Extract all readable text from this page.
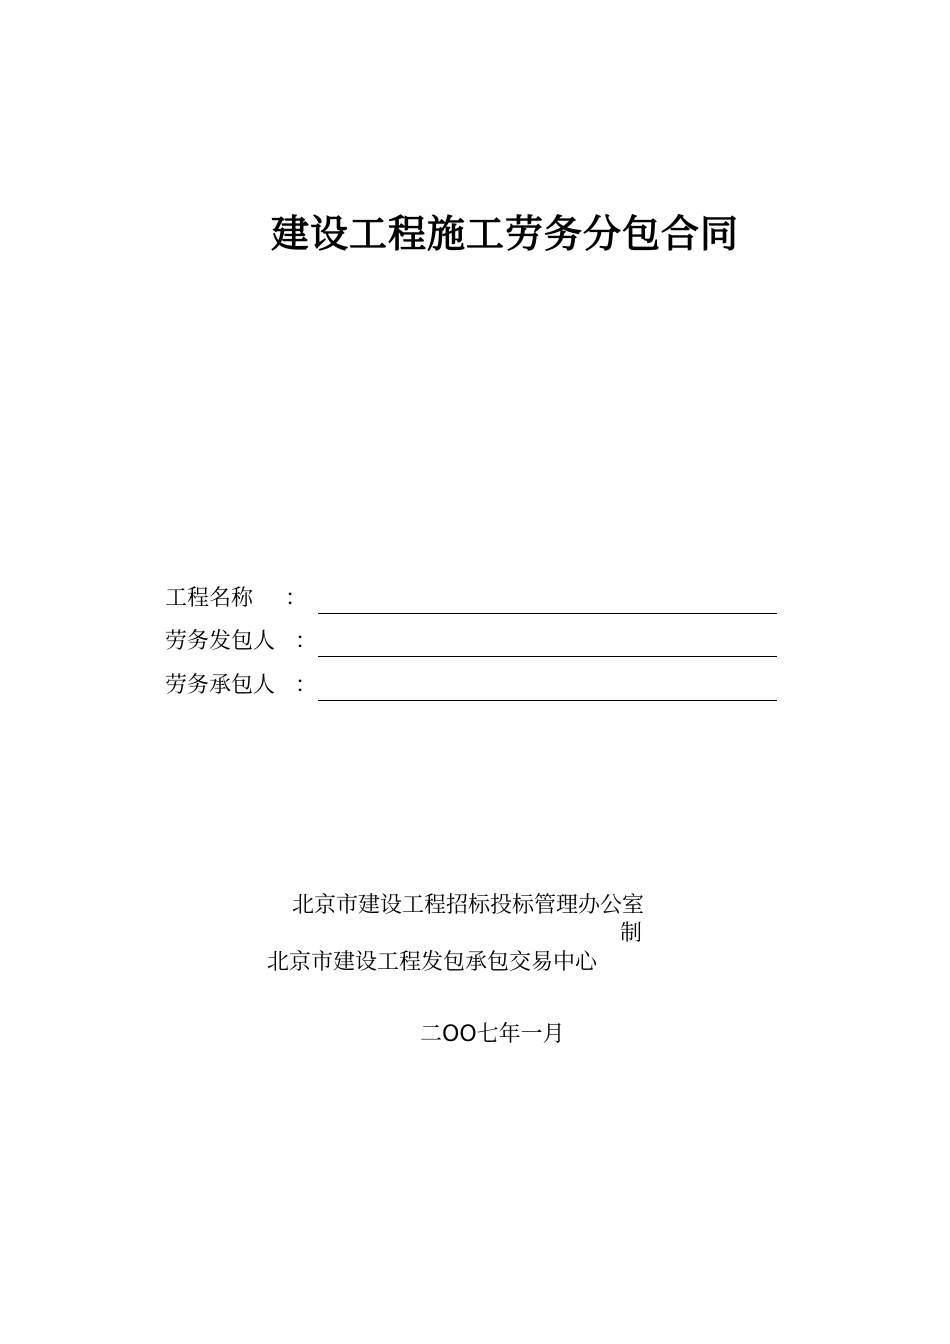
建设工程施工劳务分包合同
工程名称 ：
劳务发包人 ：
劳务承包人 ：
北京市建设工程招标投标管理办公室
制
北京市建设工程发包承包交易中心
二OO七年一月
